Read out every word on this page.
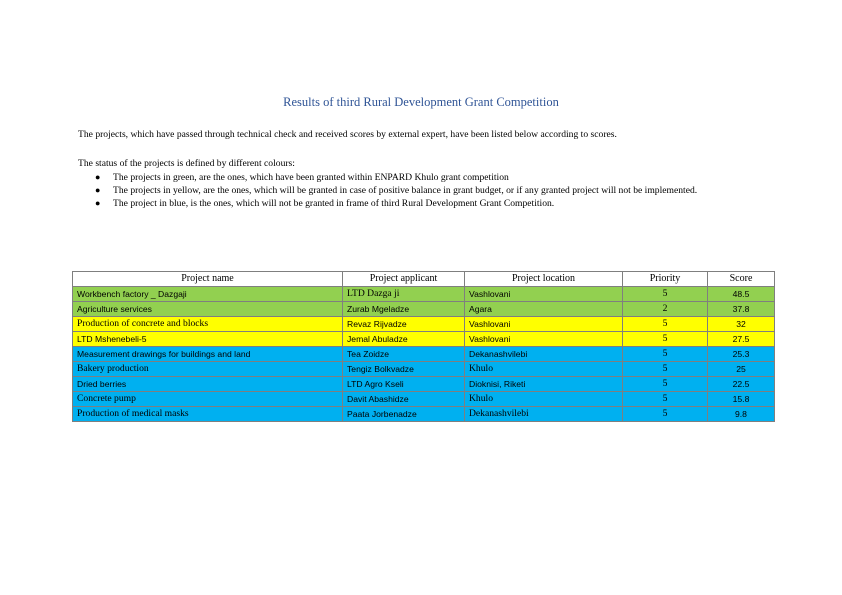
Results of third Rural Development Grant Competition
The projects, which have passed through technical check and received scores by external expert, have been listed below according to scores.
The status of the projects is defined by different colours:
● The projects in green, are the ones, which have been granted within ENPARD Khulo grant competition
● The projects in yellow, are the ones, which will be granted in case of positive balance in grant budget, or if any granted project will not be implemented.
● The project in blue, is the ones, which will not be granted in frame of third Rural Development Grant Competition.
Project name	Project applicant	Project location	Priority	Score
Workbench factory _ Dazgaji	LTD Dazga ji	Vashlovani	5	48.5
Agriculture services	Zurab Mgeladze	Agara	2	37.8
Production of concrete and blocks	Revaz Rijvadze	Vashlovani	5	32
LTD Mshenebeli-5	Jemal Abuladze	Vashlovani	5	27.5
Measurement drawings for buildings and land	Tea Zoidze	Dekanashvilebi	5	25.3
Bakery production	Tengiz Bolkvadze	Khulo	5	25
Dried berries	LTD Agro Kseli	Dioknisi, Riketi	5	22.5
Concrete pump	Davit Abashidze	Khulo	5	15.8
Production of medical masks	Paata Jorbenadze	Dekanashvilebi	5	9.8
